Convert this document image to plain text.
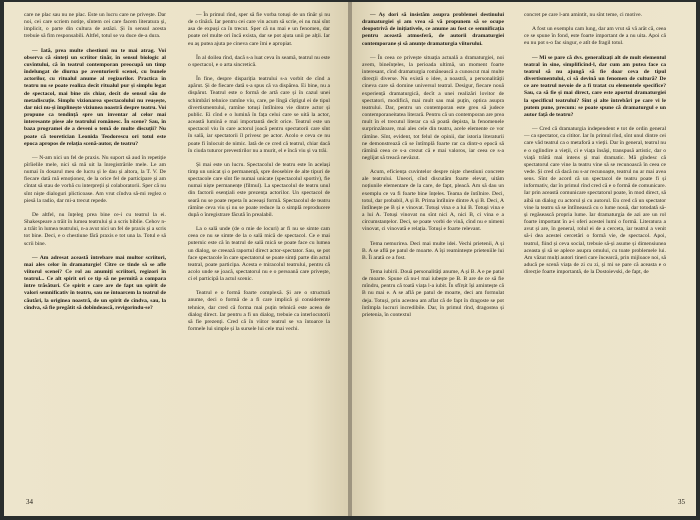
care ne plac sau nu ne plac. Este un lucru care ne privește. Dar noi, cei care scriem notițe, sîntem cei care facem literatura și, implicit, o parte din cultura de astăzi. Și în sensul acesta trebuie să fim responsabili. Altfel, totul se va duce de-a dura.

— Iată, prea multe chestiuni nu te mai atrag. Voi observa că sînteți un scriitor tînăr, în sensul biologic al cuvîntului, că în teatrul contemporan preocupă un timp îndelungat de diurna pe aventurierii scenei, cu bunele actorilor, cu ritualul anume al regizorilor. Practica în teatru nu se poate realiza decît ritualul pur și simplu legat de spectacol, mai bine zis chiar, decît de sensul său de metadiscuție. Simplu vizionarea spectacolului nu reușește, dar nici nu-și împlinește viziunea noastră despre teatru. Voi propune ca tendință spre un inventar al celor mai interesante piese ale teatrului românesc. În scene? Sau, în baza programei de a deveni o temă de multe discuții? Nu poate că teoretician Leonida Teodorescu ori totul este epoca apropos de relația scenă-autor, de teatru?

— N-am nici un fel de praxis. Nu suport să aud în repetiție pîrîielile mele, nici să mă uit la înregistrările mele. Le am numai în dosarul meu de lucru și le dau și altora, la T. V. De fiecare dată mă emoționez, de la orice fel de participare și am cîntat să stau de vorbă cu interpreții și colaboratorii. Sper că nu sînt niște dialoguri plicticoase. Am vrut cîndva să-mi reglez o piesă la radio, dar mi-a trecut repede.

De altfel, nu înțeleg prea bine ce-i cu teatrul la ei. Shakespeare a trăit în lumea teatrului și a scris biblie. Cehov n-a trăit în lumea teatrului, n-a avut nici un fel de praxis și a scris tot bine. Deci, e o chestiune fără praxis e tot una la. Totul e să scrii bine.

— Am adresat această întrebare mai multor scriitori, mai ales celor în dramaturgie! Cître ce tinde să se afle viitorul scenei? Ce rol au anumiți scriitori, regizori în teatrul... Ce alt spirit ori ce tip să ne permită a compara între trăsături. Ce spirit e care are de fapt un spirit de valori semnificativ în teatru, sau ne întoarcem la teatrul de căutări, la originea noastră, de un spirit de cîndva, sau, la cîndva, să fie pregătit să dobîndească, revigorindu-se?

— În primul rînd, sper să fie vorba totuși de un tînăr și nu de o tînără. Iar pentru cei care vin acum să scrie, ei nu mai sînt asa de expuși ca în trecut. Sper că nu mai e un fenomen, dar poate cel multe ori încă exista, dar se pot ajuta unii pe alții. Iar eu aș putea ajuta pe cineva care îmi e apropiat.

În al doilea rînd, dacă s-a luat ceva în seamă, teatrul nu este o spectacol, e o arta sincretică.

În fine, despre dispariția teatrului s-a vorbit de cînd a apărut. Și de fiecare dată s-a spus că va dispărea. Ei bine, nu a dispărut. Teatrul este o formă de artă care și în cazul unei schimbări tehnice ramîne viu, care, pe lîngă cîștigul ei de tipul divertismentului, ramîne totuși întîlnirea vie dintre actor și public. Ei cînd e o lumină în fața celui care se uită la actor, această lumină e mai importantă decît orice. Teatrul este un spectacol viu în care actorul joacă pentru spectatorii care sînt în sală, iar spectatorii îl privesc pe actor. Acolo e ceva ce nu poate fi înlocuit de nimic. Iată de ce cred că teatrul, chiar dacă în ciuda tuturor prevestirilor nu a murit, el e încă viu și va trăi.

Și mai este un lucru. Spectacolul de teatru este în același timp un unicat și o permanență, spre deosebire de alte tipuri de spectacole care sînt fie numai unicate (spectacolul sportiv), fie numai niște permanențe (filmul). La spectacolul de teatru unul din factorii esențiali este prezența actorilor. Un spectacol de seară nu se poate repeta în aceeași formă. Spectacolul de teatru rămîne ceva viu și nu se poate reduce la o simplă reproducere după o înregistrare făcută în prealabil.

La o sală unde (de o mie de locuri) ar fi nu se simte cam ceea ce nu se simte de la o sală mică de spectacol. Ce e mai puternic este că în teatrul de sală mică se poate face cu lumea un dialog, se creează raportul direct actor-spectator. Sau, se pot face spectacole în care spectatorul se poate simți parte din actul teatral, poate participa. Acesta e miracolul teatrului, pentru că acolo unde se joacă, spectatorul nu e o persoană care privește, ci el participă la actul scenic.

Teatrul e o formă foarte complexă. Și are o structură anume, deci o formă de a fi care implică și considerente tehnice, dar cred că forma mai puțin tehnică este aceea de dialog direct. Iar pentru a fi un dialog, trebuie ca interlocutorii să fie prezenți. Cred că în viitor teatrul se va întoarce la formele lui simple și la sursele lui cele mai vechi.

34

— Aș dori să insistăm asupra problemei destinului dramaturgiei și am vrea să vă propunem să se ocupe deopotrivă de inițiativele, ce anume au fost ce semnificația pentru această atmosferă, de autorii dramaturgiei contemporane și să anunțe dramaturgia viitorului.

— În ceea ce privește situația actuală a dramaturgiei, noi avem, bineînțeles, la perioada ultimă, un moment foarte interesant, cînd dramaturgia românească a cunoscut mai multe direcții diverse. Nu există o idee, a noastră, a personalității cineva care să domine universul teatral. Desigur, fiecare nouă experiență dramaturgică, decît a unei realizări lovitor de spectatori, modifică, mai mult sau mai puțin, optica asupra teatrului. Dar, pentru un contemporan este greu să judece contemporaneitatea literară. Pentru că un contemporan are prea mult în el trecutul literar ca să poată depista, la fenomenele surprinzătoare, mai ales cele din teatru, acele elemente ce vor rămîne. Sînt, evident, tot felul de opinii, dar istoria literaturii ne demonstrează că se întîmplă foarte rar ca dintr-o epocă să rămînă ceea ce s-a crezut că e mai valoros, iar ceea ce s-a neglijat să treacă nevăzut.

Acum, eficiența cuvintelor despre niște chestiuni concrete ale teatrului. Uneori, cînd discutăm foarte elevat, uităm noțiunile elementare de la care, de fapt, pleacă. Am să dau un exemplu ce va fi foarte bine înțeles. Teama de întîlnire. Deci, totul, dar probabil, A și B. Prima întîlnire dintre A și B. Deci, A întîlnește pe B și e vinovat. Totuși vina e a lui B. Totuși vina e a lui A. Totuși vinovat nu sînt nici A, nici B, ci vina e a circumstanțelor. Deci, se poate vorbi de vină, cînd nu e nimeni vinovat, ci vinovată e relația. Totuși e foarte relevant.

Tema nemurirea. Deci mai multe idei. Vechi prietenii, A și B. A se află pe patul de moarte. A își reamintește prieteniile lui B. Îi arată ce a fost.

Tema iubirii. Două personalități anume, A și B. A e pe patul de moarte. Spune că nu-l mai iubește pe B. B are de ce să fie mîndru, pentru că toată viața l-a iubit. În sfîrșit își amintește că B nu mai e. A se află pe patul de moarte, deci am formulat deja. Totuși, prin acestea am aflat că de fapt în dragoste se pot întîmpla lucruri incredibile. Dar, în primul rînd, dragostea și prietenia, în contextul

concret pe care l-am amintit, nu sînt teme, ci motive.

A fost un exemplu cam lung, dar am vrut să vă arăt că, ceea ce se spune în fond, este foarte important de a nu uita. Apoi că eu nu pot s-o fac singur, e atît de fragil totul.

— Mi se pare că dvs. generalizați alt de mult elementul teatral în sine, simplificînd-l, dar cum am putea face ca teatrul să nu ajungă să fie doar ceva de tipul divertismentului, ci să devină un fenomen de cultură? De ce are teatrul nevoie de a fi tratat cu elementele specifice? Sau, ca să fie și mai direct, care este aportul dramaturgiei la specificul teatrului? Sînt și alte întrebări pe care vi le putem pune, precum: se poate spune că dramaturgul e un autor față de teatru?

— Cred că dramaturgia independent e tot de ordin general — ca spectator, ca cititor. Iar în primul rînd, sînt unul dintre cei care văd teatrul ca o metaforă a vieții. Dar în general, teatrul nu e o oglindire a vieții, ci e viața însăși, transpusă artistic, dar o viață trăită mai intens și mai dramatic. Mă gîndesc că spectatorul care vine la teatru vine să se recunoască în ceea ce vede. Și cred că dacă nu s-ar recunoaște, teatrul nu ar mai avea sens. Sînt de acord că un spectacol de teatru poate fi și informativ, dar în primul rînd cred că e o formă de comunicare. Iar prin această comunicare spectatorul poate, în mod direct, să aibă un dialog cu actorul și cu autorul. Eu cred că un spectator vine la teatru să se întîlnească cu o lume nouă, dar totodată să-și regăsească propria lume. Iar dramaturgia de azi are un rol foarte important în a-i oferi acestei lumi o formă. Literatura a avut și are, în general, rolul ei de a cerceta, iar teatrul a venit să-i dea acestei cercetări o formă vie, de spectacol. Apoi, teatrul, fiind și ceva social, trebuie să-și asume și dimensiunea aceasta și să se aplece asupra omului, cu toate problemele lui. Am văzut mulți autori tineri care încearcă, prin mijloace noi, să aducă pe scenă viața de zi cu zi, și mi se pare că aceasta e o direcție foarte importantă, de la Dostoievski, de fapt, de

35
